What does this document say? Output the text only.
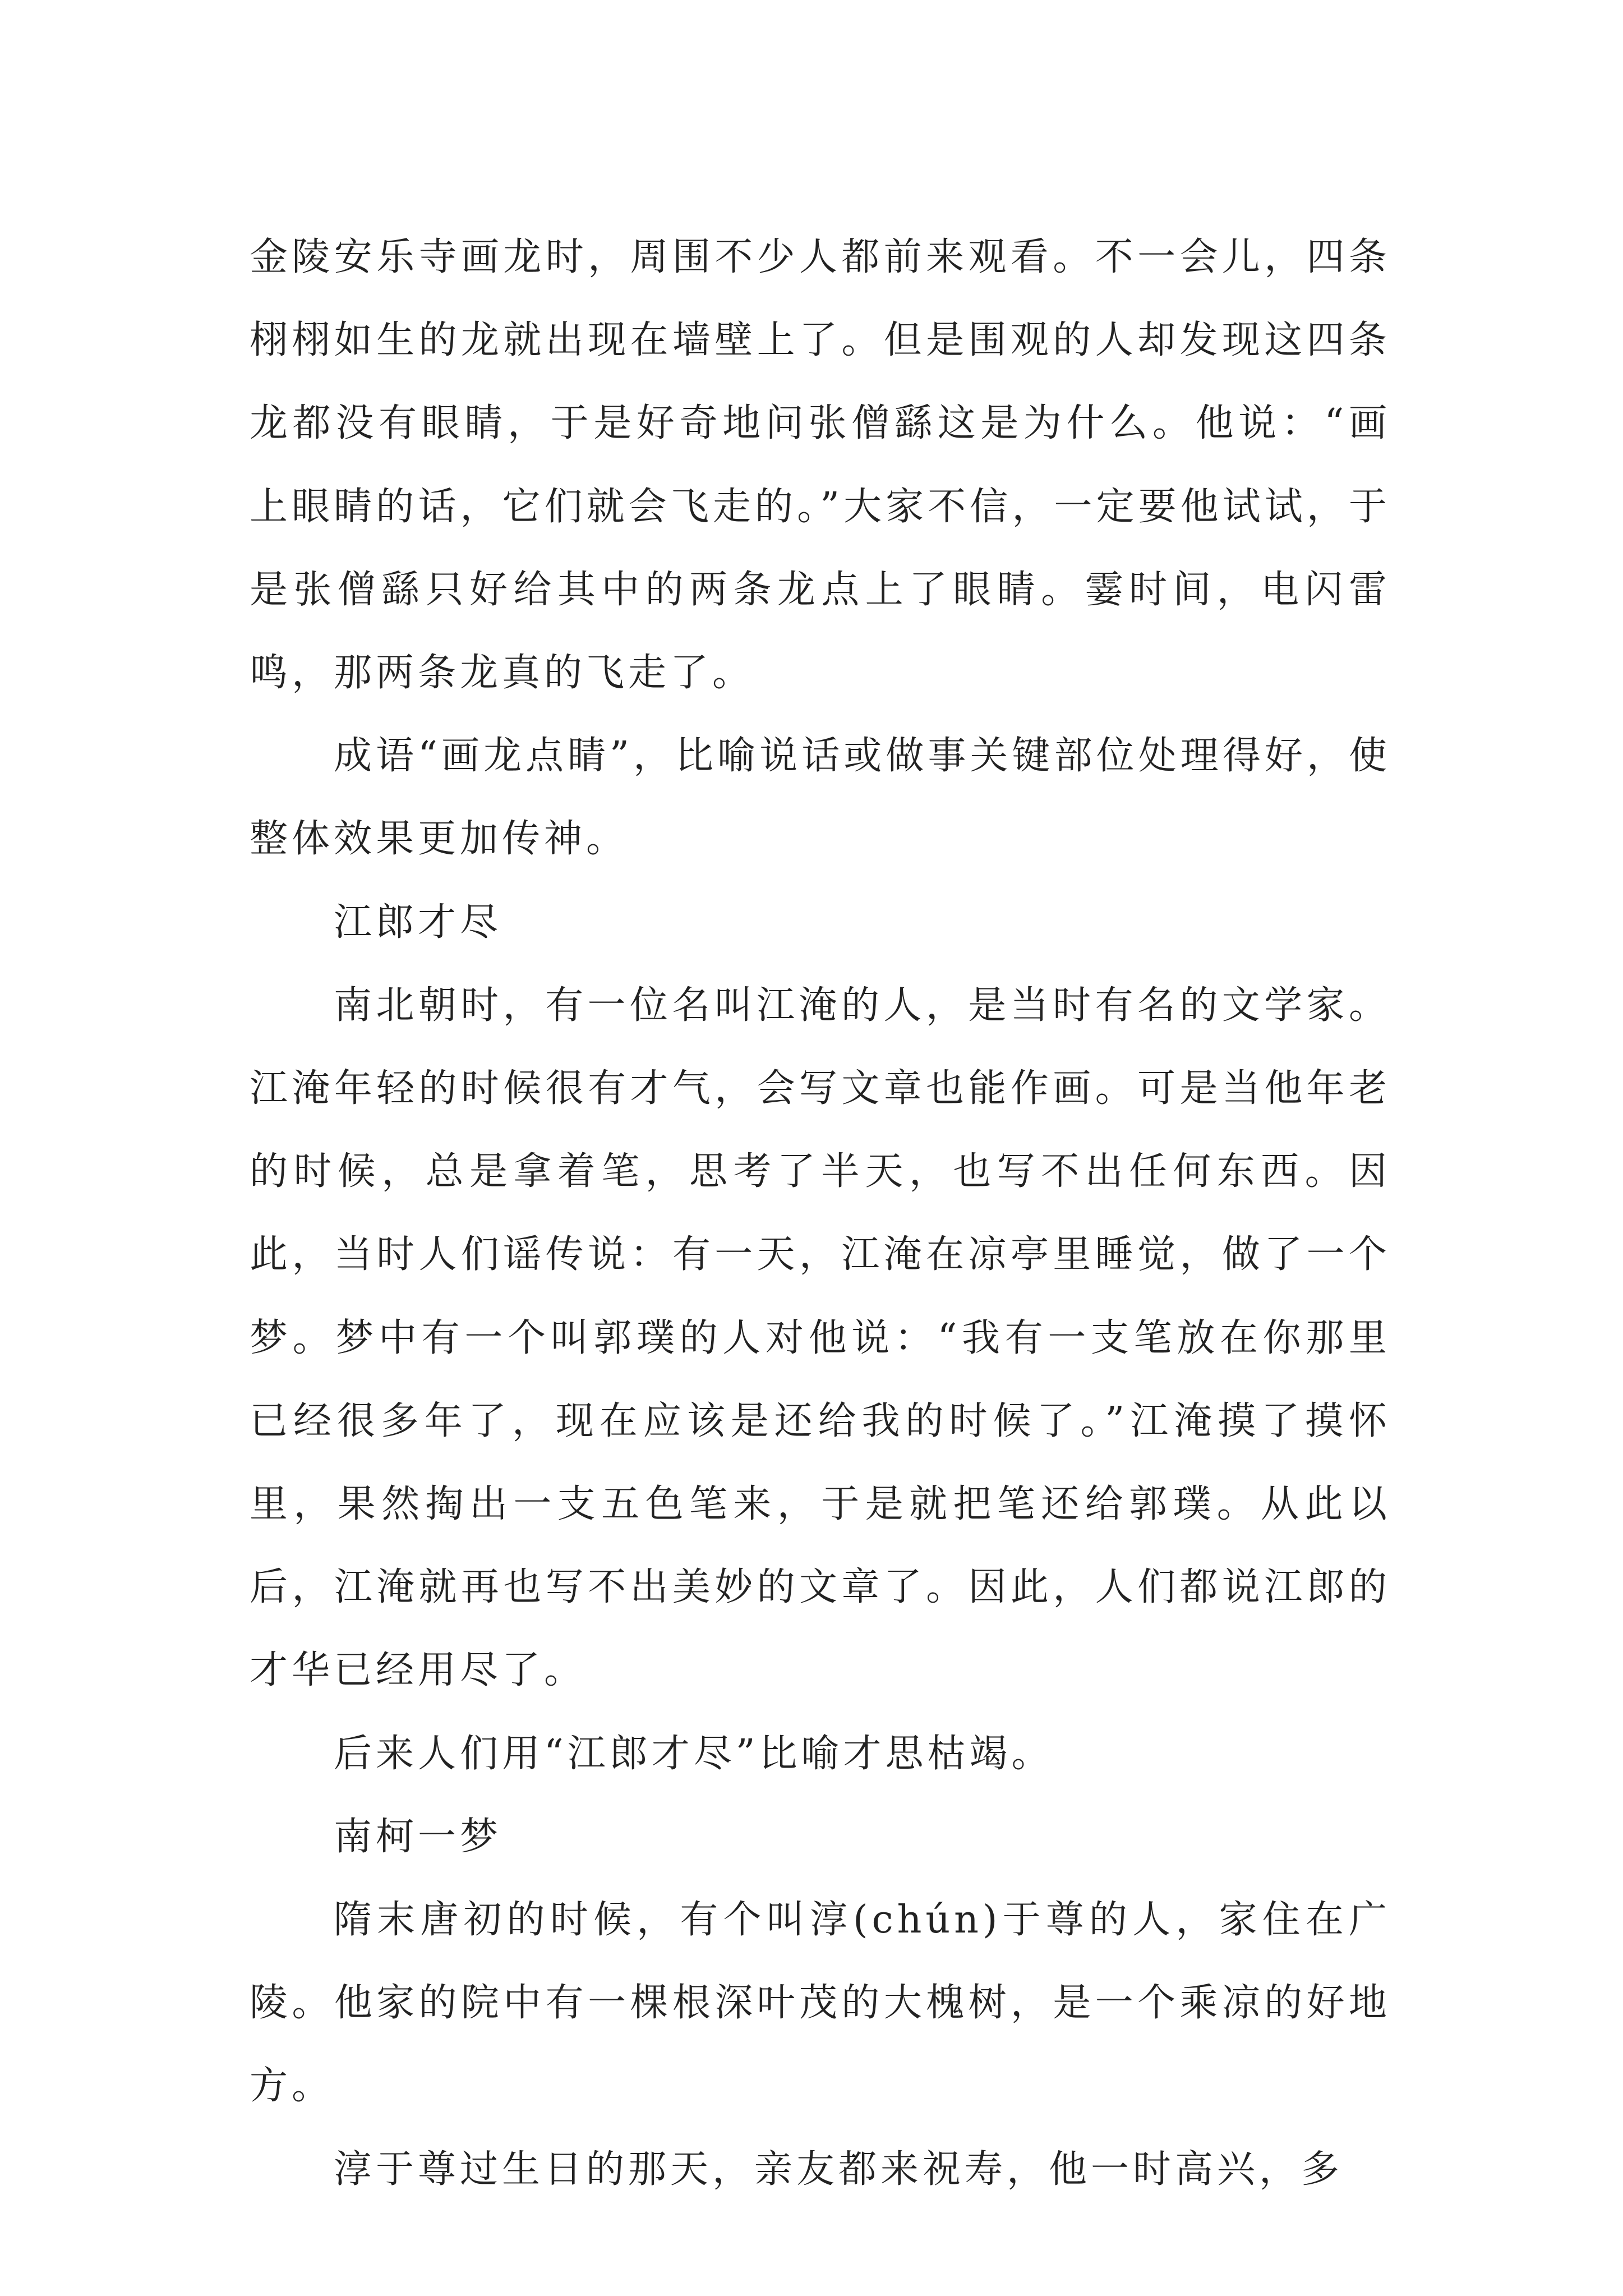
金陵安乐寺画龙时，周围不少人都前来观看。不一会儿，四条栩栩如生的龙就出现在墙壁上了。但是围观的人却发现这四条龙都没有眼睛，于是好奇地问张僧繇这是为什么。他说：“画上眼睛的话，它们就会飞走的。”大家不信，一定要他试试，于是张僧繇只好给其中的两条龙点上了眼睛。霎时间，电闪雷鸣，那两条龙真的飞走了。

成语“画龙点睛”，比喻说话或做事关键部位处理得好，使整体效果更加传神。

江郎才尽

南北朝时，有一位名叫江淹的人，是当时有名的文学家。江淹年轻的时候很有才气，会写文章也能作画。可是当他年老的时候，总是拿着笔，思考了半天，也写不出任何东西。因此，当时人们谣传说：有一天，江淹在凉亭里睡觉，做了一个梦。梦中有一个叫郭璞的人对他说：“我有一支笔放在你那里已经很多年了，现在应该是还给我的时候了。”江淹摸了摸怀里，果然掏出一支五色笔来，于是就把笔还给郭璞。从此以后，江淹就再也写不出美妙的文章了。因此，人们都说江郎的才华已经用尽了。

后来人们用“江郎才尽”比喻才思枯竭。

南柯一梦

隋末唐初的时候，有个叫淳(chún)于尊的人，家住在广陵。他家的院中有一棵根深叶茂的大槐树，是一个乘凉的好地方。

淳于尊过生日的那天，亲友都来祝寿，他一时高兴，多
